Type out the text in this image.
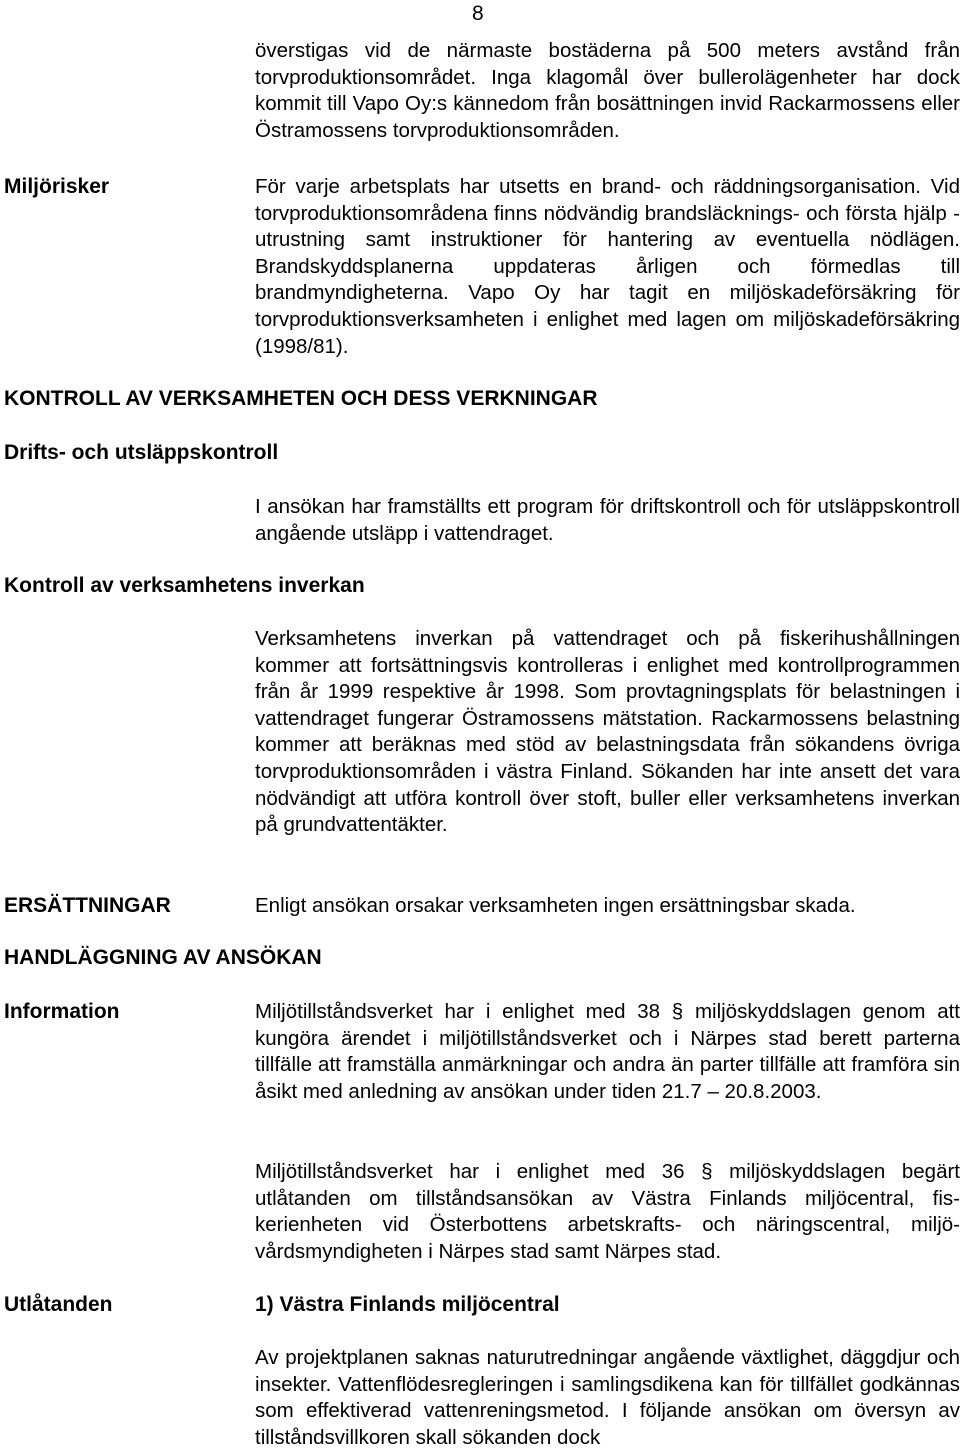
8

överstigas vid de närmaste bostäderna på 500 meters avstånd från torvproduktionsområdet. Inga klagomål över bullerolägenheter har dock kommit till Vapo Oy:s kännedom från bosättningen invid Rackarmossens eller Östramossens torvproduktionsområden.

Miljörisker	För varje arbetsplats har utsetts en brand- och räddningsorganisation. Vid torvproduktionsområdena finns nödvändig brandsläcknings- och första hjälp -utrustning samt instruktioner för hantering av eventuella nödlägen. Brandskyddsplanerna uppdateras årligen och förmedlas till brandmyndigheterna. Vapo Oy har tagit en miljöskadeförsäkring för torvproduktionsverksamheten i enlighet med lagen om miljöskadeförsäkring (1998/81).

KONTROLL AV VERKSAMHETEN OCH DESS VERKNINGAR
Drifts- och utsläppskontroll

I ansökan har framställts ett program för driftskontroll och för utsläppskontroll angående utsläpp i vattendraget.

Kontroll av verksamhetens inverkan

Verksamhetens inverkan på vattendraget och på fiskerihushållningen kommer att fortsättningsvis kontrolleras i enlighet med kontrollprogrammen från år 1999 respektive år 1998. Som provtagningsplats för belastningen i vattendraget fungerar Östramossens mätstation. Rackarmossens belastning kommer att beräknas med stöd av belastningsdata från sökandens övriga torvproduktionsområden i västra Finland. Sökanden har inte ansett det vara nödvändigt att utföra kontroll över stoft, buller eller verksamhetens inverkan på grundvattentäkter.

ERSÄTTNINGAR	Enligt ansökan orsakar verksamheten ingen ersättningsbar skada.

HANDLÄGGNING AV ANSÖKAN
Information	Miljötillståndsverket har i enlighet med 38 § miljöskyddslagen genom att kungöra ärendet i miljötillståndsverket och i Närpes stad berett parterna tillfälle att framställa anmärkningar och andra än parter tillfälle att framföra sin åsikt med anledning av ansökan under tiden 21.7 – 20.8.2003.

Miljötillståndsverket har i enlighet med 36 § miljöskyddslagen begärt utlåtanden om tillståndsansökan av Västra Finlands miljöcentral, fiskerienheten vid Österbottens arbetskrafts- och näringscentral, miljövårdsmyndigheten i Närpes stad samt Närpes stad.

Utlåtanden	1) Västra Finlands miljöcentral

Av projektplanen saknas naturutredningar angående växtlighet, däggdjur och insekter. Vattenflödesregleringen i samlingsdikena kan för tillfället godkännas som effektiverad vattenreningsmetod. I följande ansökan om översyn av tillståndsvillkoren skall sökanden dock
